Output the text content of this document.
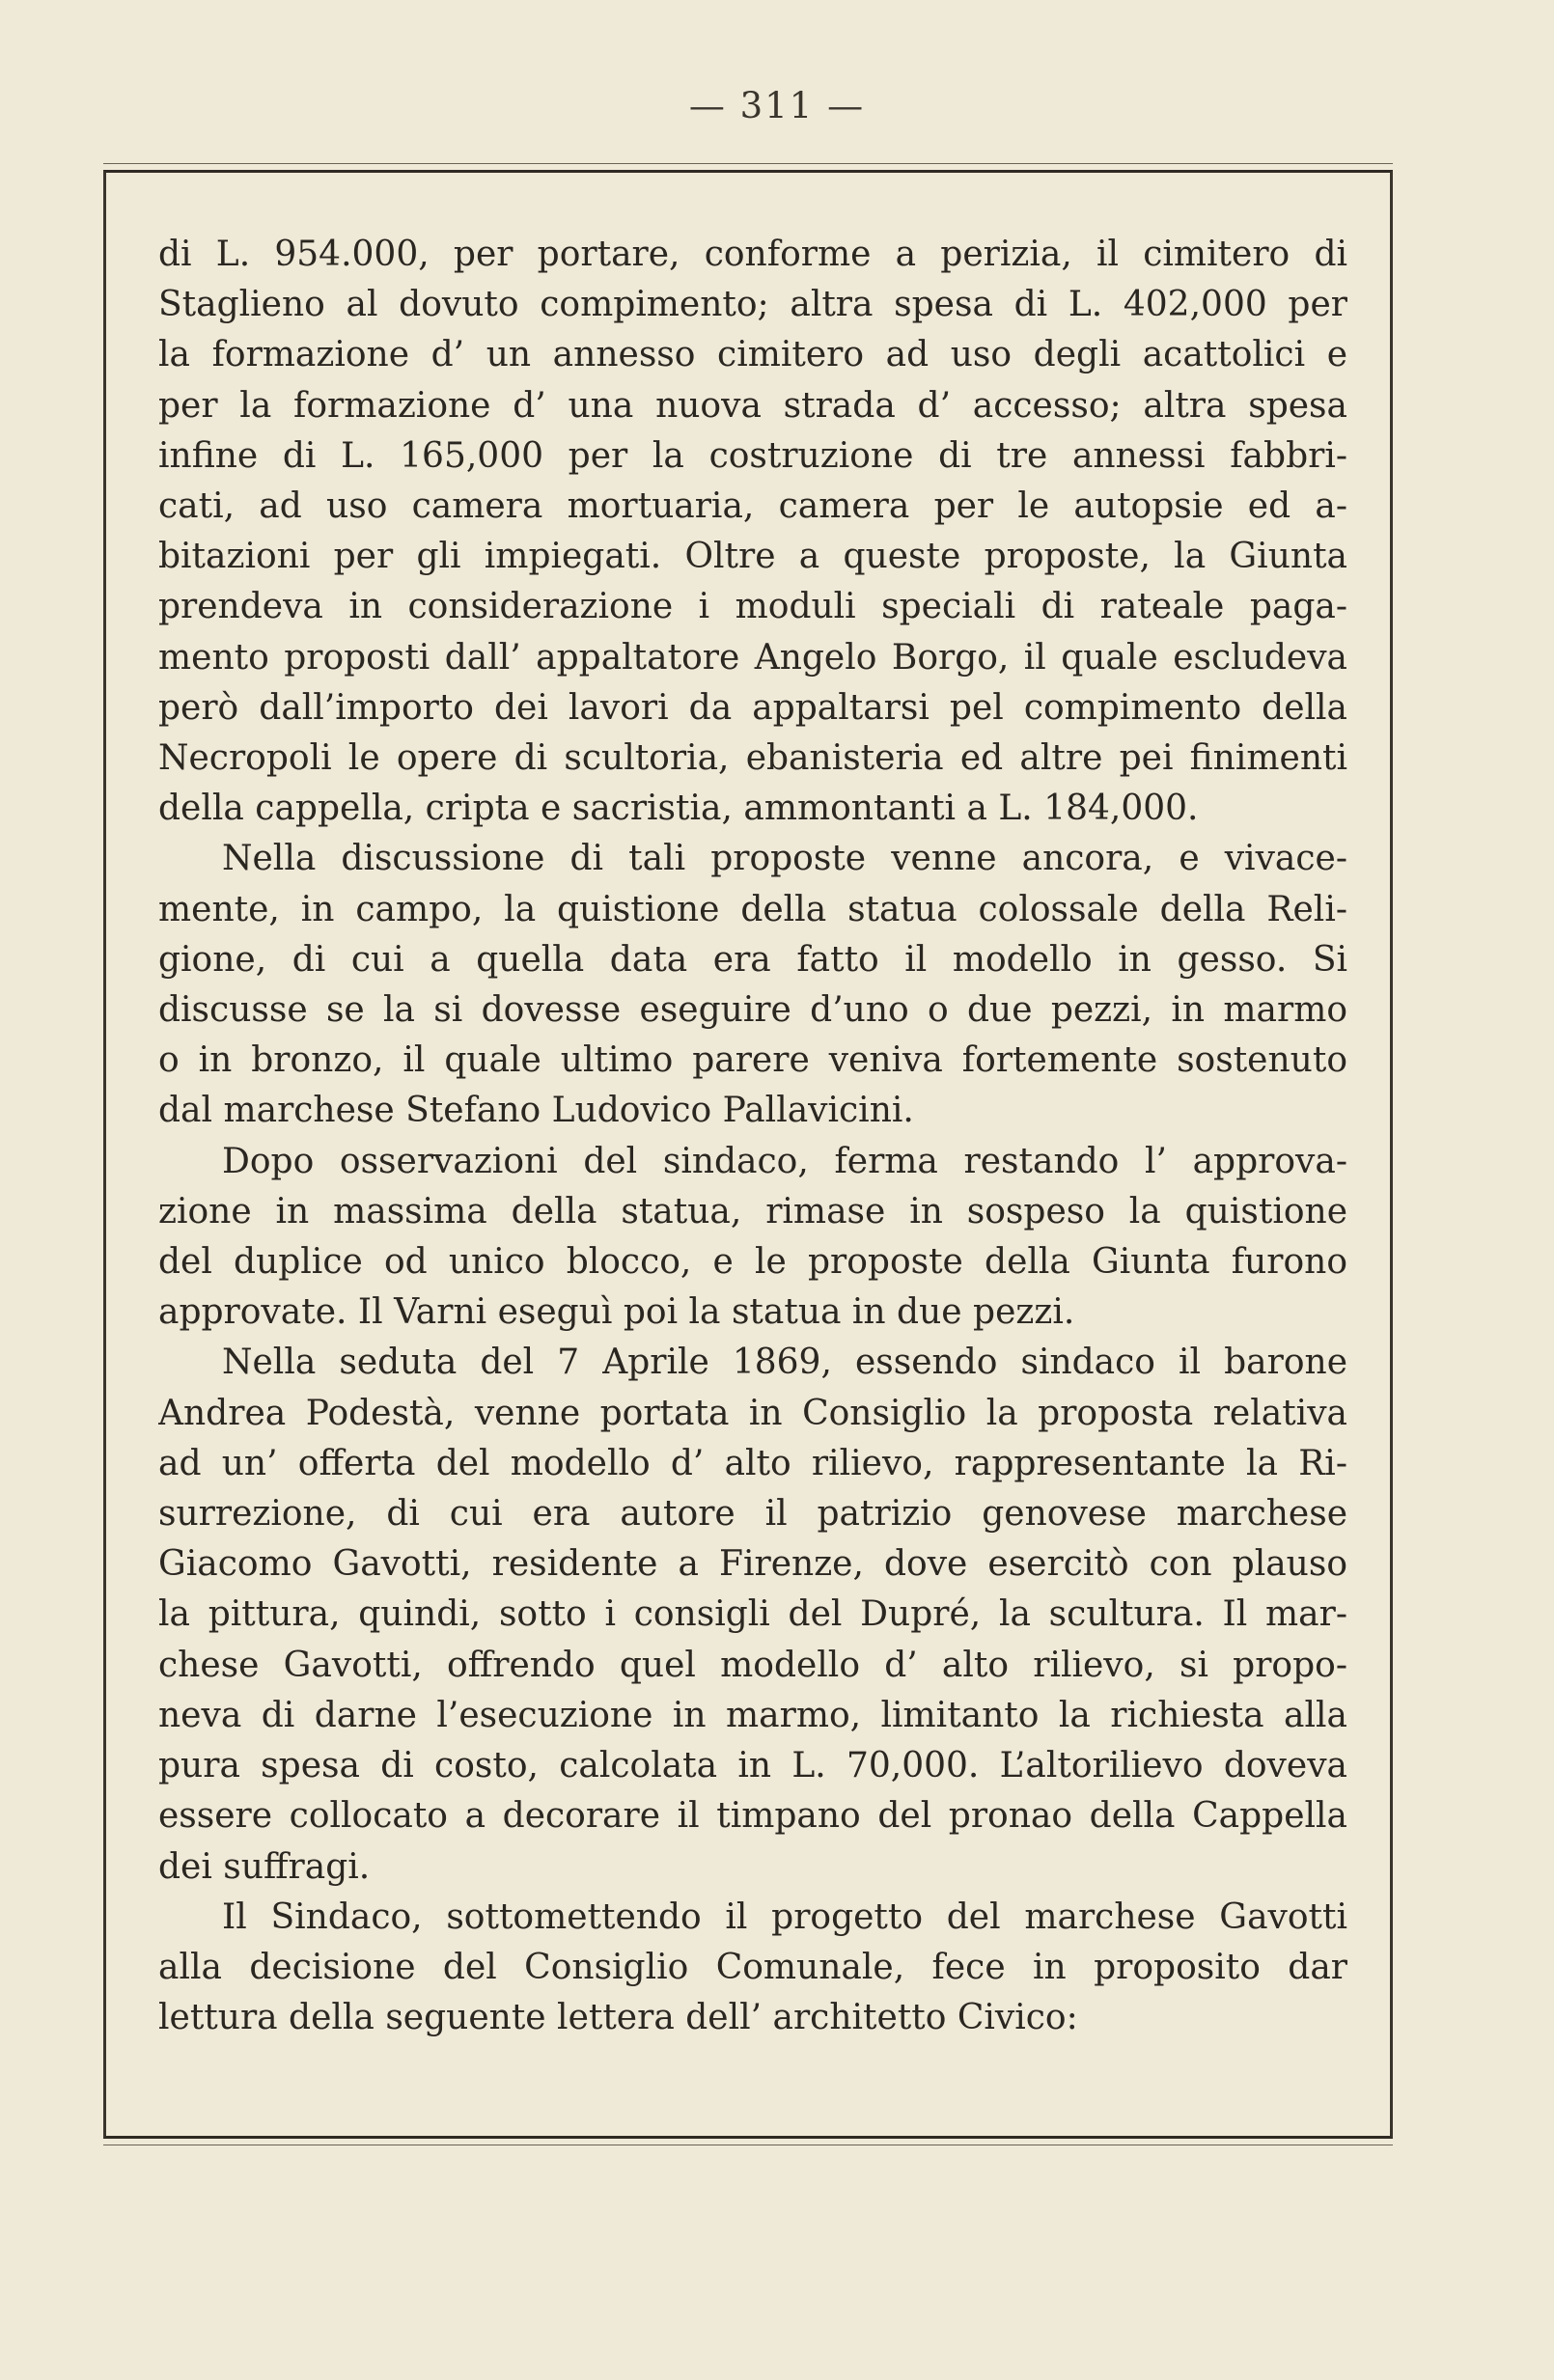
— 311 —
di L. 954.000, per portare, conforme a perizia, il cimitero di
Staglieno al dovuto compimento; altra spesa di L. 402,000 per
la formazione d’ un annesso cimitero ad uso degli acattolici e
per la formazione d’ una nuova strada d’ accesso; altra spesa
infine di L. 165,000 per la costruzione di tre annessi fabbri-
cati, ad uso camera mortuaria, camera per le autopsie ed a-
bitazioni per gli impiegati. Oltre a queste proposte, la Giunta
prendeva in considerazione i moduli speciali di rateale paga-
mento proposti dall’ appaltatore Angelo Borgo, il quale escludeva
però dall’importo dei lavori da appaltarsi pel compimento della
Necropoli le opere di scultoria, ebanisteria ed altre pei finimenti
della cappella, cripta e sacristia, ammontanti a L. 184,000.
Nella discussione di tali proposte venne ancora, e vivace-
mente, in campo, la quistione della statua colossale della Reli-
gione, di cui a quella data era fatto il modello in gesso. Si
discusse se la si dovesse eseguire d’uno o due pezzi, in marmo
o in bronzo, il quale ultimo parere veniva fortemente sostenuto
dal marchese Stefano Ludovico Pallavicini.
Dopo osservazioni del sindaco, ferma restando l’ approva-
zione in massima della statua, rimase in sospeso la quistione
del duplice od unico blocco, e le proposte della Giunta furono
approvate. Il Varni eseguì poi la statua in due pezzi.
Nella seduta del 7 Aprile 1869, essendo sindaco il barone
Andrea Podestà, venne portata in Consiglio la proposta relativa
ad un’ offerta del modello d’ alto rilievo, rappresentante la Ri-
surrezione, di cui era autore il patrizio genovese marchese
Giacomo Gavotti, residente a Firenze, dove esercitò con plauso
la pittura, quindi, sotto i consigli del Dupré, la scultura. Il mar-
chese Gavotti, offrendo quel modello d’ alto rilievo, si propo-
neva di darne l’esecuzione in marmo, limitanto la richiesta alla
pura spesa di costo, calcolata in L. 70,000. L’altorilievo doveva
essere collocato a decorare il timpano del pronao della Cappella
dei suffragi.
Il Sindaco, sottomettendo il progetto del marchese Gavotti
alla decisione del Consiglio Comunale, fece in proposito dar
lettura della seguente lettera dell’ architetto Civico:
